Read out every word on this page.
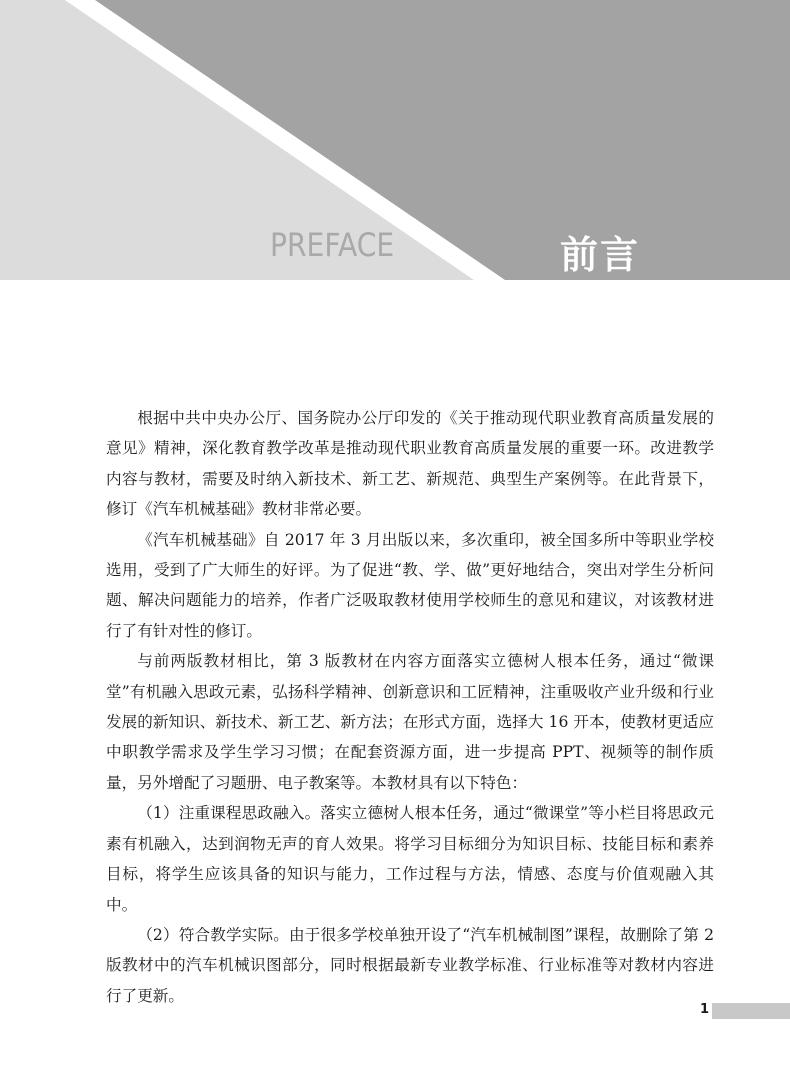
PREFACE	前言

根据中共中央办公厅、国务院办公厅印发的《关于推动现代职业教育高质量发展的意见》精神，深化教育教学改革是推动现代职业教育高质量发展的重要一环。改进教学内容与教材，需要及时纳入新技术、新工艺、新规范、典型生产案例等。在此背景下，修订《汽车机械基础》教材非常必要。

《汽车机械基础》自 2017 年 3 月出版以来，多次重印，被全国多所中等职业学校选用，受到了广大师生的好评。为了促进“教、学、做”更好地结合，突出对学生分析问题、解决问题能力的培养，作者广泛吸取教材使用学校师生的意见和建议，对该教材进行了有针对性的修订。

与前两版教材相比，第 3 版教材在内容方面落实立德树人根本任务，通过“微课堂”有机融入思政元素，弘扬科学精神、创新意识和工匠精神，注重吸收产业升级和行业发展的新知识、新技术、新工艺、新方法；在形式方面，选择大 16 开本，使教材更适应中职教学需求及学生学习习惯；在配套资源方面，进一步提高 PPT、视频等的制作质量，另外增配了习题册、电子教案等。本教材具有以下特色：

（1）注重课程思政融入。落实立德树人根本任务，通过“微课堂”等小栏目将思政元素有机融入，达到润物无声的育人效果。将学习目标细分为知识目标、技能目标和素养目标，将学生应该具备的知识与能力，工作过程与方法，情感、态度与价值观融入其中。

（2）符合教学实际。由于很多学校单独开设了“汽车机械制图”课程，故删除了第 2 版教材中的汽车机械识图部分，同时根据最新专业教学标准、行业标准等对教材内容进行了更新。

1
